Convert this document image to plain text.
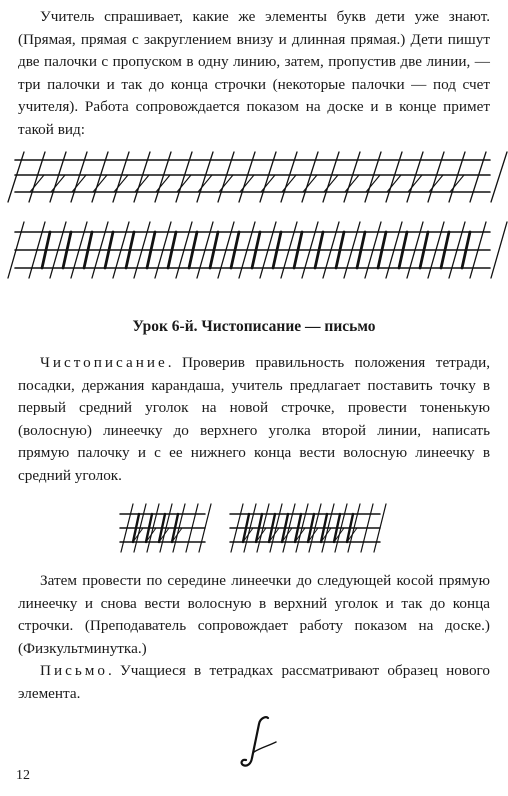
Учитель спрашивает, какие же элементы букв дети уже знают. (Прямая, прямая с закруглением внизу и длинная прямая.) Дети пишут две палочки с пропуском в одну линию, затем, пропустив две линии, — три палочки и так до конца строчки (некоторые палочки — под счет учителя). Работа сопровождается показом на доске и в конце примет такой вид:

Урок 6-й. Чистописание — письмо

Чистописание. Проверив правильность положения тетради, посадки, держания карандаша, учитель предлагает поставить точку в первый средний уголок на новой строчке, провести тоненькую (волосную) линеечку до верхнего уголка второй линии, написать прямую палочку и с ее нижнего конца вести волосную линеечку в средний уголок.

Затем провести по середине линеечки до следующей косой прямую линеечку и снова вести волосную в верхний уголок и так до конца строчки. (Преподаватель сопровождает работу показом на доске.) (Физкультминутка.)

Письмо. Учащиеся в тетрадках рассматривают образец нового элемента.

12
